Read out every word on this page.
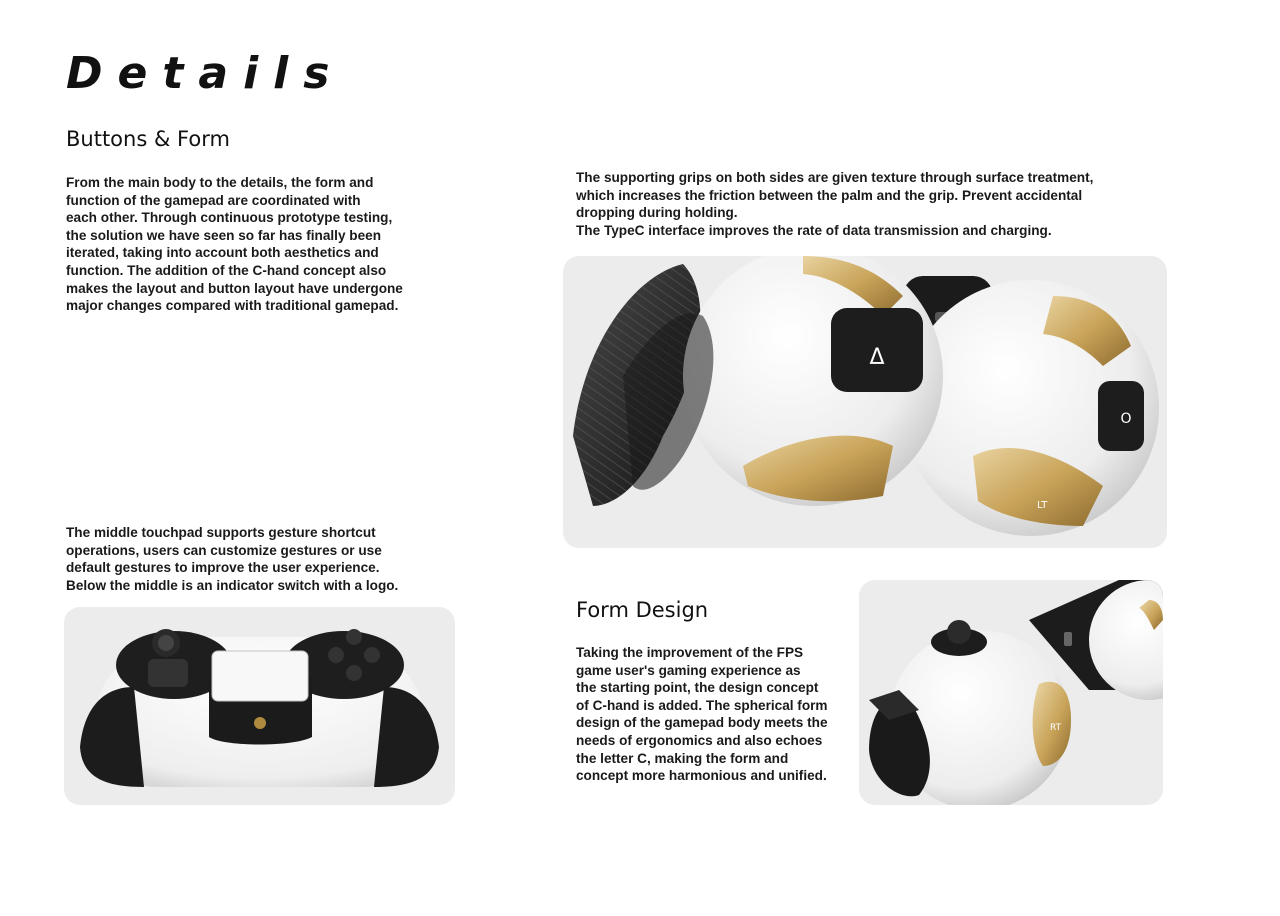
Details
Buttons & Form

From the main body to the details, the form and

function of the gamepad are coordinated with

each other. Through continuous prototype testing,

the solution we have seen so far has finally been

iterated, taking into account both aesthetics and

function. The addition of the C-hand concept also

makes the layout and button layout have undergone

major changes compared with traditional gamepad.

The supporting grips on both sides are given texture through surface treatment,

which increases the friction between the palm and the grip. Prevent accidental

dropping during holding.

The TypeC interface improves the rate of data transmission and charging.

LT
O
Δ

The middle touchpad supports gesture shortcut

operations, users can customize gestures or use

default gestures to improve the user experience.

Below the middle is an indicator switch with a logo.

Form Design

Taking the improvement of the FPS

game user's gaming experience as

the starting point, the design concept

of C-hand is added. The spherical form

design of the gamepad body meets the

needs of ergonomics and also echoes

the letter C, making the form and

concept more harmonious and unified.

RT
